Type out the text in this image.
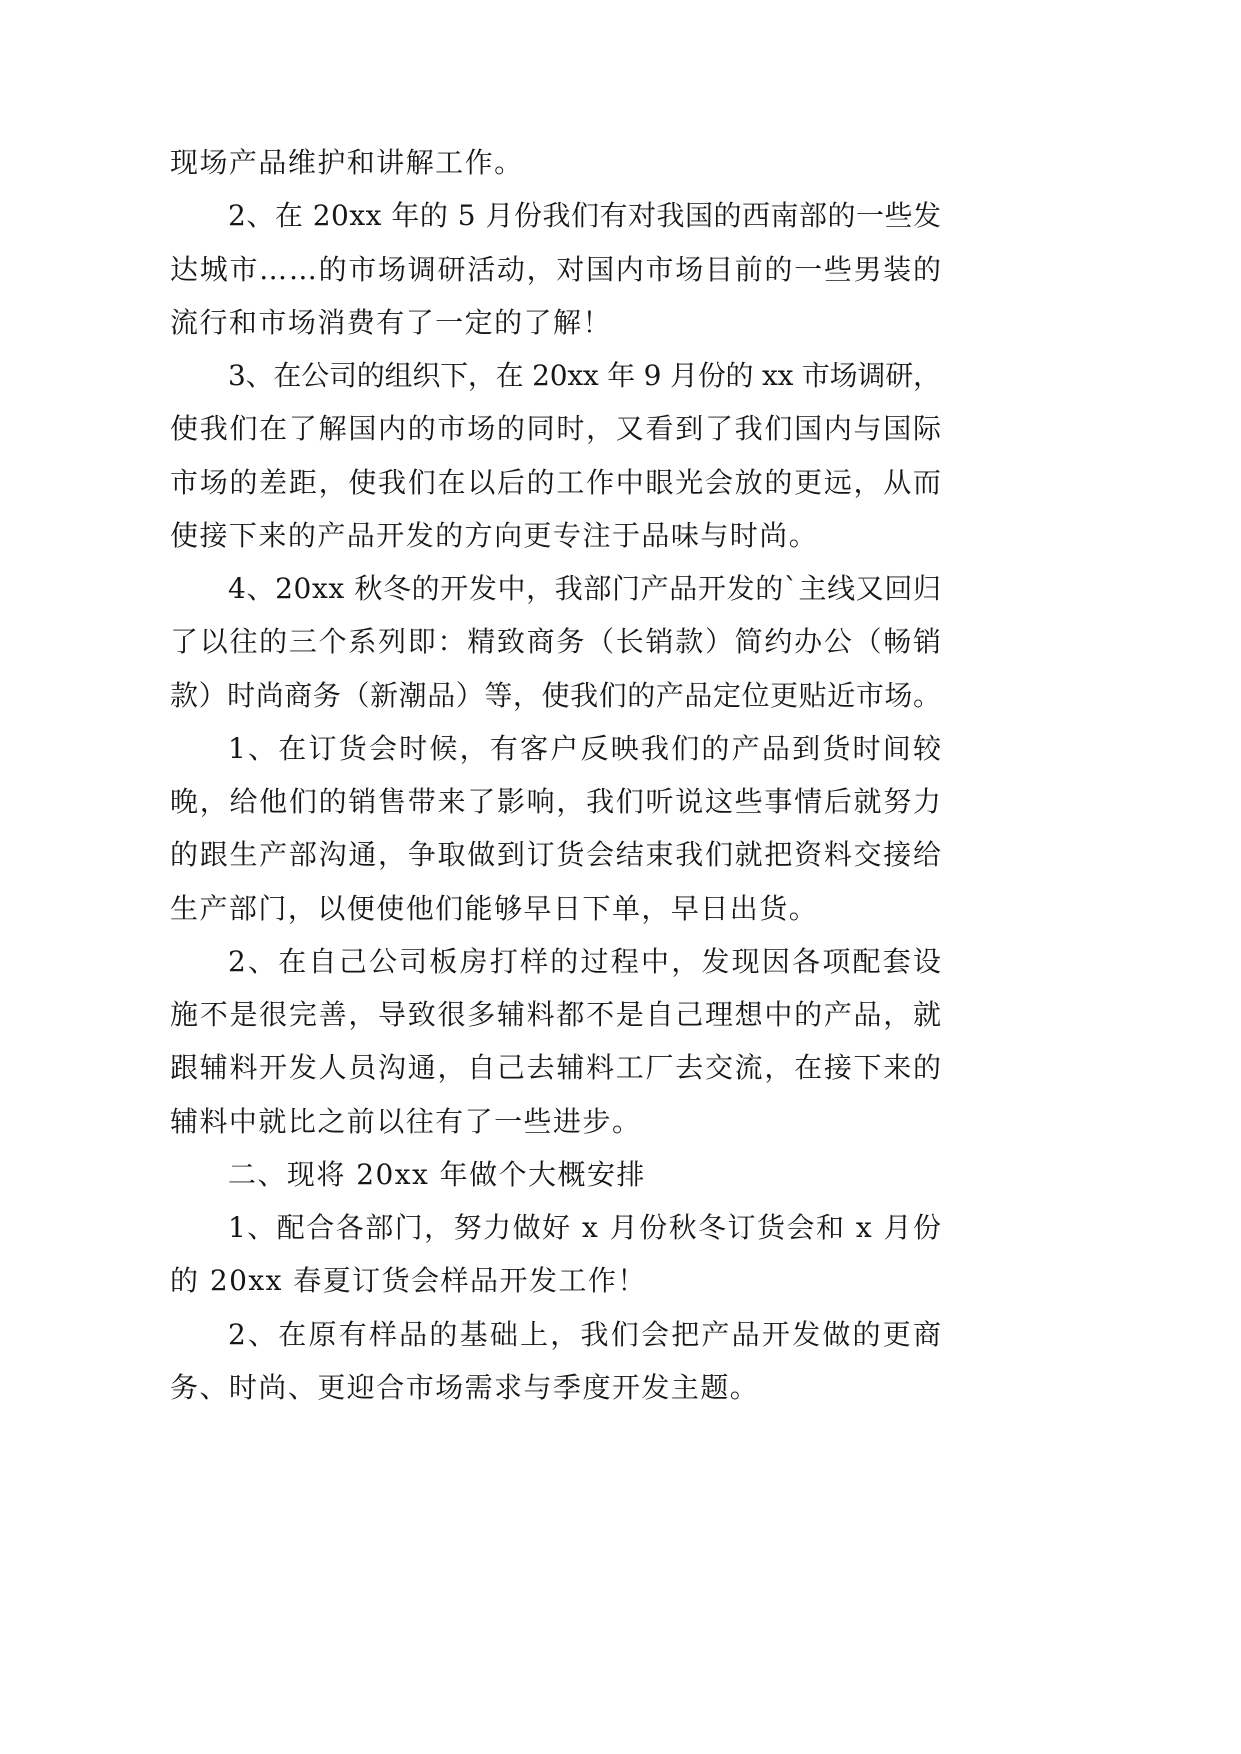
现场产品维护和讲解工作。
2、在 20xx 年的 5 月份我们有对我国的西南部的一些发
达城市……的市场调研活动，对国内市场目前的一些男装的
流行和市场消费有了一定的了解！
3、在公司的组织下，在 20xx 年 9 月份的 xx 市场调研，
使我们在了解国内的市场的同时，又看到了我们国内与国际
市场的差距，使我们在以后的工作中眼光会放的更远，从而
使接下来的产品开发的方向更专注于品味与时尚。
4、20xx 秋冬的开发中，我部门产品开发的`主线又回归
了以往的三个系列即：精致商务（长销款）简约办公（畅销
款）时尚商务（新潮品）等，使我们的产品定位更贴近市场。
1、在订货会时候，有客户反映我们的产品到货时间较
晚，给他们的销售带来了影响，我们听说这些事情后就努力
的跟生产部沟通，争取做到订货会结束我们就把资料交接给
生产部门，以便使他们能够早日下单，早日出货。
2、在自己公司板房打样的过程中，发现因各项配套设
施不是很完善，导致很多辅料都不是自己理想中的产品，就
跟辅料开发人员沟通，自己去辅料工厂去交流，在接下来的
辅料中就比之前以往有了一些进步。
二、现将 20xx 年做个大概安排
1、配合各部门，努力做好 x 月份秋冬订货会和 x 月份
的 20xx 春夏订货会样品开发工作！
2、在原有样品的基础上，我们会把产品开发做的更商
务、时尚、更迎合市场需求与季度开发主题。
